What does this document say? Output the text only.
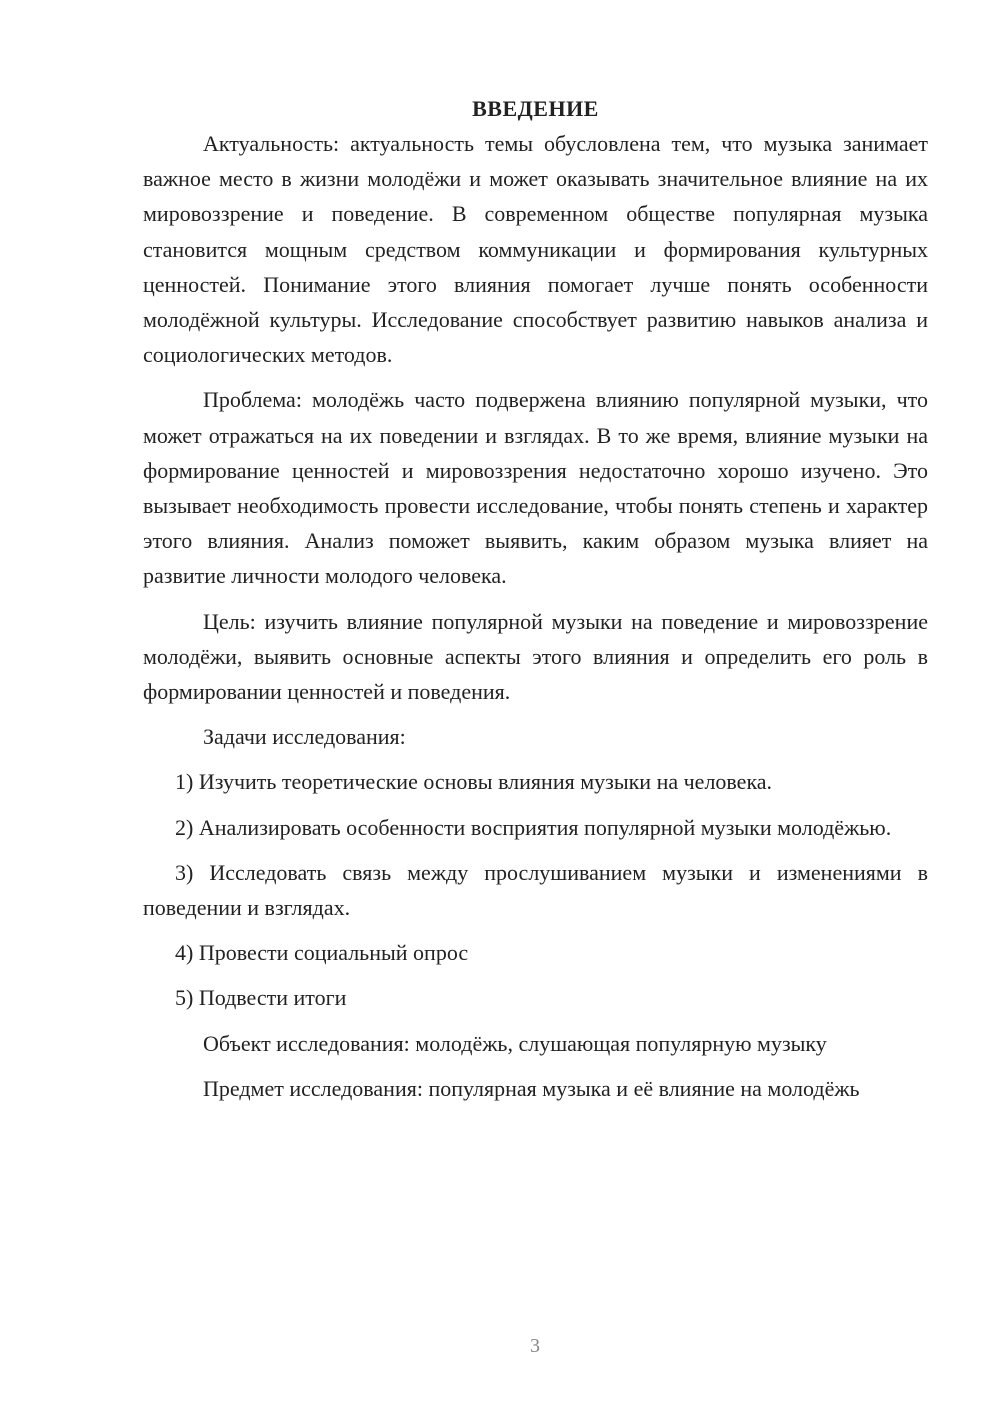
ВВЕДЕНИЕ

Актуальность: актуальность темы обусловлена тем, что музыка занимает важное место в жизни молодёжи и может оказывать значительное влияние на их мировоззрение и поведение. В современном обществе популярная музыка становится мощным средством коммуникации и формирования культурных ценностей. Понимание этого влияния помогает лучше понять особенности молодёжной культуры. Исследование способствует развитию навыков анализа и социологических методов.

Проблема: молодёжь часто подвержена влиянию популярной музыки, что может отражаться на их поведении и взглядах. В то же время, влияние музыки на формирование ценностей и мировоззрения недостаточно хорошо изучено. Это вызывает необходимость провести исследование, чтобы понять степень и характер этого влияния. Анализ поможет выявить, каким образом музыка влияет на развитие личности молодого человека.

Цель: изучить влияние популярной музыки на поведение и мировоззрение молодёжи, выявить основные аспекты этого влияния и определить его роль в формировании ценностей и поведения.

Задачи исследования:

1) Изучить теоретические основы влияния музыки на человека.

2) Анализировать особенности восприятия популярной музыки молодёжью.

3) Исследовать связь между прослушиванием музыки и изменениями в поведении и взглядах.

4) Провести социальный опрос

5) Подвести итоги

Объект исследования: молодёжь, слушающая популярную музыку

Предмет исследования: популярная музыка и её влияние на молодёжь

3
